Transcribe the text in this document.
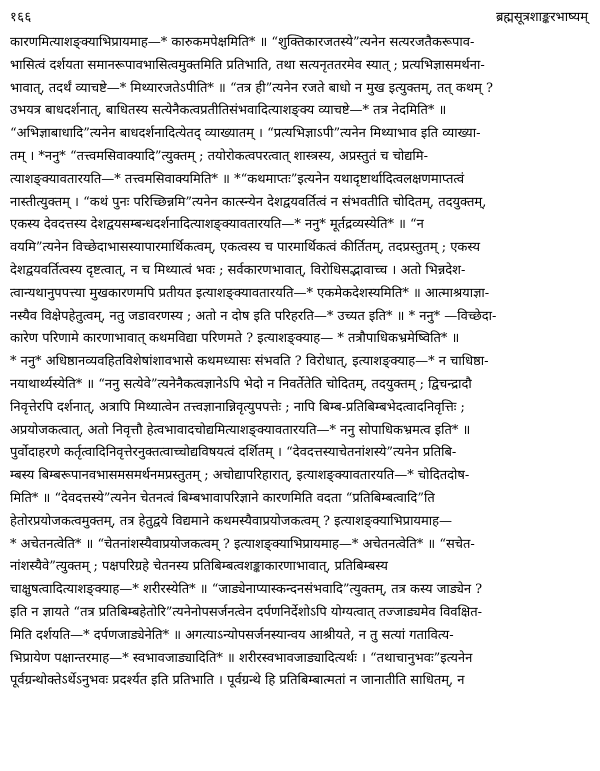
१६६	ब्रह्मसूत्रशाङ्करभाष्यम्
कारणमित्याशङ्क्याभिप्रायमाह—* कारुकमपेक्षमिति* ॥ “शुक्तिकारजतस्ये”त्यनेन सत्यरजतैकरूपाव-
भासित्वं दर्शयता समानरूपावभासित्वमुक्तमिति प्रतिभाति, तथा सत्यनृततरमेव स्यात् ; प्रत्यभिज्ञासमर्थना-
भावात्, तदर्थं व्याचष्टे—* मिथ्यारजतेऽपीति* ॥ “तत्र ही”त्यनेन रजते बाधो न मुख इत्युक्तम्, तत् कथम् ?
उभयत्र बाधदर्शनात्, बाधितस्य सत्येनैकत्वप्रतीतिसंभवादित्याशङ्क्य व्याचष्टे—* तत्र नेदमिति* ॥
“अभिज्ञाबाधादि”त्यनेन बाधदर्शनादित्येतद् व्याख्यातम् । “प्रत्यभिज्ञाऽपी”त्यनेन मिथ्याभाव इति व्याख्या-
तम् । *ननु* “तत्त्वमसिवाक्यादि”त्युक्तम् ; तयोरोकत्वपरत्वात् शास्त्रस्य, अप्रस्तुतं च चोद्यमि-
त्याशङ्क्यावतारयति—* तत्त्वमसिवाक्यमिति* ॥ *“कथमाप्तः”इत्यनेन यथादृष्टार्थादित्वलक्षणमाप्तत्वं
नास्तीत्युक्तम् । “कथं पुनः परिच्छिन्नमि”त्यनेन कात्स्न्येन देशद्वयवर्तित्वं न संभवतीति चोदितम्, तदयुक्तम्,
एकस्य देवदत्तस्य देशद्वयसम्बन्धदर्शनादित्याशङ्क्यावतारयति—* ननु* मूर्तद्रव्यस्येति* ॥ “न
वयमि”त्यनेन विच्छेदाभासस्यापारमार्थिकत्वम्, एकत्वस्य च पारमार्थिकत्वं कीर्तितम्, तदप्रस्तुतम् ; एकस्य
देशद्वयवर्तित्वस्य दृष्टत्वात्, न च मिथ्यात्वं भवः ; सर्वकारणभावात्, विरोधिसद्भावाच्च । अतो भिन्नदेश-
त्वान्यथानुपपत्त्या मुखकारणमपि प्रतीयत इत्याशङ्क्यावतारयति—* एकमेकदेशस्यमिति* ॥ आत्माश्रयाज्ञा-
नस्यैव विक्षेपहेतुत्वम्, नतु जडावरणस्य ; अतो न दोष इति परिहरति—* उच्यत इति* ॥ * ननु* —विच्छेदा-
कारेण परिणामे कारणाभावात् कथमविद्या परिणमते ? इत्याशङ्क्याह— * तत्रौपाधिकभ्रमेष्विति* ॥
* ननु* अधिष्ठानव्यवहितविशेषांशावभासे कथमध्यासः संभवति ? विरोधात्, इत्याशङ्क्याह—* न चाधिष्ठा-
नयाथार्थ्यस्येति* ॥ “ननु सत्येवे”त्यनेनैकत्वज्ञानेऽपि भेदो न निवर्तेतेति चोदितम्, तदयुक्तम् ; द्विचन्द्रादौ
निवृत्तेरपि दर्शनात्, अत्रापि मिथ्यात्वेन तत्त्वज्ञानान्निवृत्युपपत्तेः ; नापि बिम्ब-प्रतिबिम्बभेदत्वादनिवृत्तिः ;
अप्रयोजकत्वात्, अतो निवृत्तौ हेत्वभावादचोद्यमित्याशङ्क्यावतारयति—* ननु सोपाधिकभ्रमत्व इति* ॥
पुर्वोदाहरणे कर्तृत्वादिनिवृत्तेरनुक्तत्वाच्चोद्यविषयत्वं दर्शितम् । “देवदत्तस्याचेतनांशस्ये”त्यनेन प्रतिबि-
म्बस्य बिम्बरूपानवभासमसमर्थनमप्रस्तुतम् ; अचोद्यापरिहारात्, इत्याशङ्क्यावतारयति—* चोदितदोष-
मिति* ॥ “देवदत्तस्ये”त्यनेन चेतनत्वं बिम्बभावापरिज्ञाने कारणमिति वदता “प्रतिबिम्बत्वादि”ति
हेतोरप्रयोजकत्वमुक्तम्, तत्र हेतुद्वये विद्यमाने कथमस्यैवाप्रयोजकत्वम् ? इत्याशङ्क्याभिप्रायमाह—
* अचेतनत्वेति* ॥ “चेतनांशस्यैवाप्रयोजकत्वम् ? इत्याशङ्क्याभिप्रायमाह—* अचेतनत्वेति* ॥ “सचेत-
नांशस्यैवे”त्युक्तम् ; पक्षपरिग्रहे चेतनस्य प्रतिबिम्बत्वशङ्काकारणाभावात्, प्रतिबिम्बस्य
चाक्षुषत्वादित्याशङ्क्याह—* शरीरस्येति* ॥ “जाड्येनाप्यास्कन्दनसंभवादि”त्युक्तम्, तत्र कस्य जाड्येन ?
इति न ज्ञायते “तत्र प्रतिबिम्बहेतोरि”त्यनेनोपसर्जनत्वेन दर्पणनिर्देशोऽपि योग्यत्वात् तज्जाड्यमेव विवक्षित-
मिति दर्शयति—* दर्पणजाड्येनेति* ॥ अगत्याऽन्योपसर्जनस्यान्वय आश्रीयते, न तु सत्यां गतावित्य-
भिप्रायेण पक्षान्तरमाह—* स्वभावजाड्यादिति* ॥ शरीरस्वभावजाड्यादित्यर्थः । “तथाचानुभवः”इत्यनेन
पूर्वग्रन्थोक्तेऽर्थेऽनुभवः प्रदर्श्यत इति प्रतिभाति । पूर्वग्रन्थे हि प्रतिबिम्बात्मतां न जानातीति साधितम्, न
